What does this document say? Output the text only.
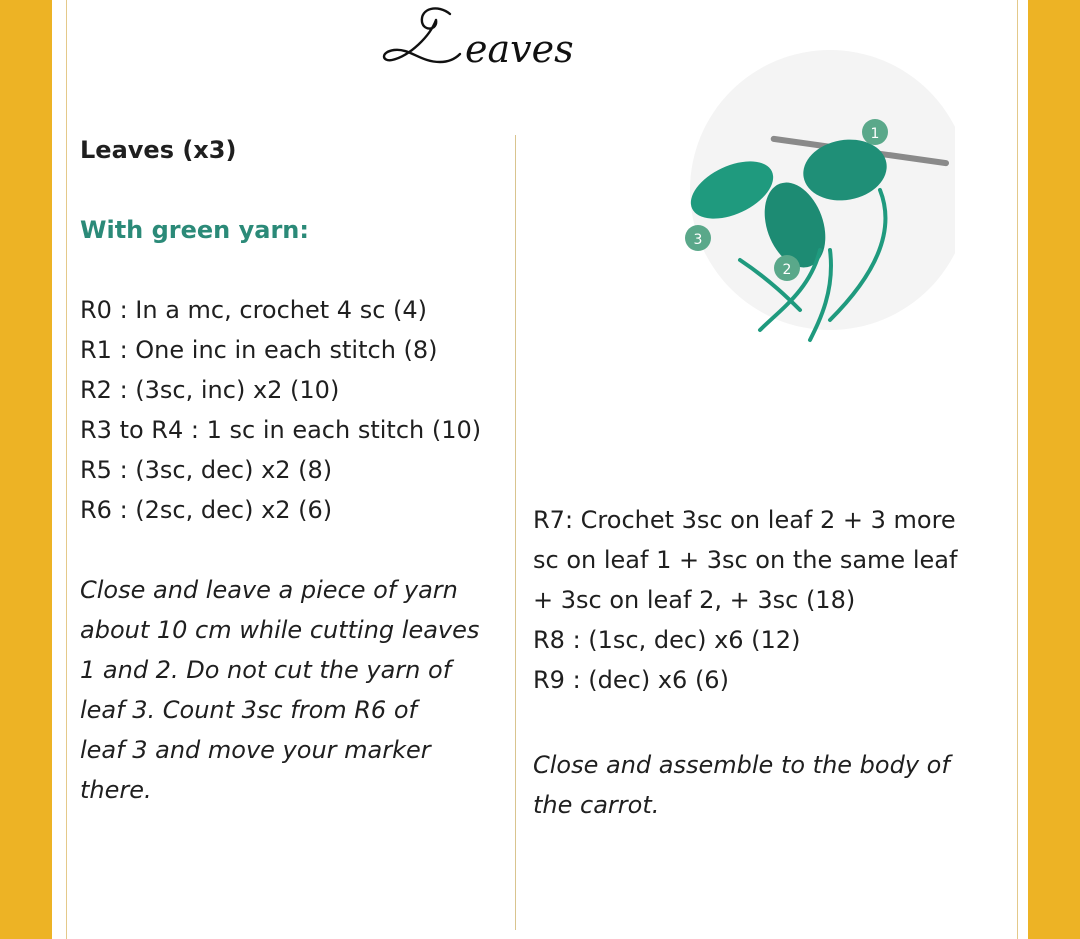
eaves
Leaves (x3)
With green yarn:
R0 : In a mc, crochet 4 sc (4)
R1 : One inc in each stitch (8)
R2 : (3sc, inc) x2 (10)
R3 to R4 : 1 sc in each stitch (10)
R5 : (3sc, dec) x2 (8)
R6 : (2sc, dec) x2 (6)
Close and leave a piece of yarn
about 10 cm while cutting leaves
1 and 2. Do not cut the yarn of
leaf 3. Count 3sc from R6 of
leaf 3 and move your marker
there.
1
2
3
R7: Crochet 3sc on leaf 2 + 3 more
sc on leaf 1 + 3sc on the same leaf
+ 3sc on leaf 2, + 3sc (18)
R8 : (1sc, dec) x6 (12)
R9 : (dec) x6 (6)
Close and assemble to the body of
the carrot.
